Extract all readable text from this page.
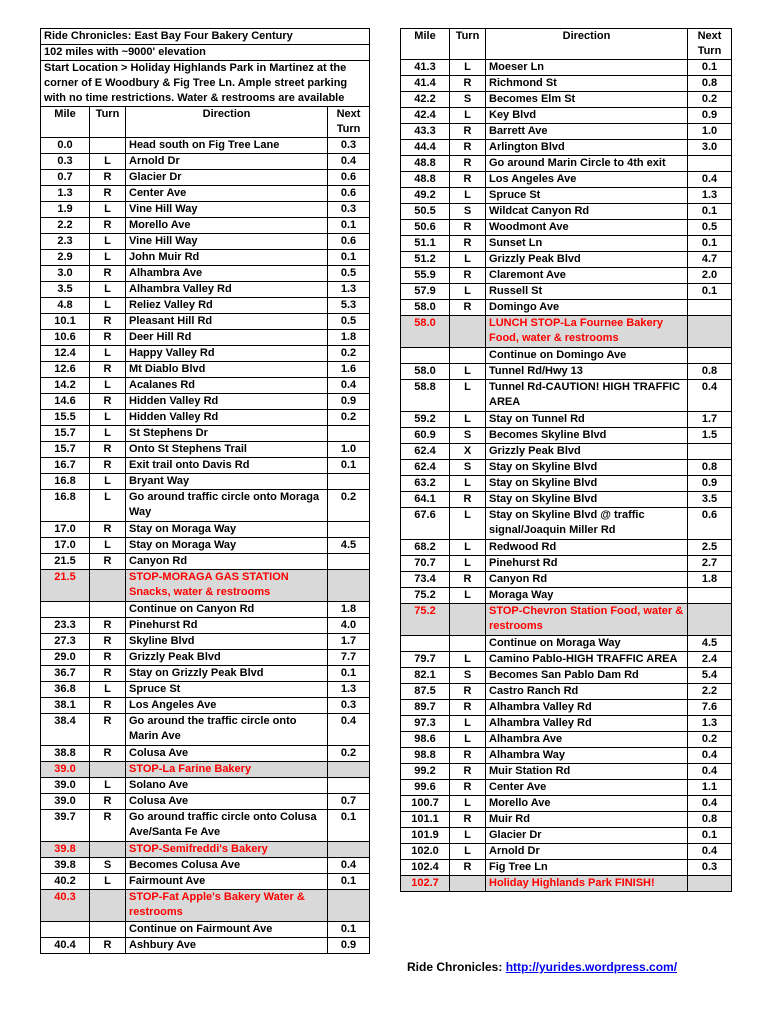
Ride Chronicles: East Bay Four Bakery Century			
102 miles with ~9000' elevation			
Start Location > Holiday Highlands Park in Martinez at the corner of E Woodbury & Fig Tree Ln. Ample street parking with no time restrictions. Water & restrooms are available			
Mile	Turn	Direction	Next Turn
0.0		Head south on Fig Tree Lane	0.3
0.3	L	Arnold Dr	0.4
0.7	R	Glacier Dr	0.6
1.3	R	Center Ave	0.6
1.9	L	Vine Hill Way	0.3
2.2	R	Morello Ave	0.1
2.3	L	Vine Hill Way	0.6
2.9	L	John Muir Rd	0.1
3.0	R	Alhambra Ave	0.5
3.5	L	Alhambra Valley Rd	1.3
4.8	L	Reliez Valley Rd	5.3
10.1	R	Pleasant Hill Rd	0.5
10.6	R	Deer Hill Rd	1.8
12.4	L	Happy Valley Rd	0.2
12.6	R	Mt Diablo Blvd	1.6
14.2	L	Acalanes Rd	0.4
14.6	R	Hidden Valley Rd	0.9
15.5	L	Hidden Valley Rd	0.2
15.7	L	St Stephens Dr	
15.7	R	Onto St Stephens Trail	1.0
16.7	R	Exit trail onto Davis Rd	0.1
16.8	L	Bryant Way	
16.8	L	Go around traffic circle onto Moraga Way	0.2
17.0	R	Stay on Moraga Way	
17.0	L	Stay on Moraga Way	4.5
21.5	R	Canyon Rd	
21.5		STOP-MORAGA GAS STATION Snacks, water & restrooms	
		Continue on Canyon Rd	1.8
23.3	R	Pinehurst Rd	4.0
27.3	R	Skyline Blvd	1.7
29.0	R	Grizzly Peak Blvd	7.7
36.7	R	Stay on Grizzly Peak Blvd	0.1
36.8	L	Spruce St	1.3
38.1	R	Los Angeles Ave	0.3
38.4	R	Go around the traffic circle onto Marin Ave	0.4
38.8	R	Colusa Ave	0.2
39.0		STOP-La Farine Bakery	
39.0	L	Solano Ave	
39.0	R	Colusa Ave	0.7
39.7	R	Go around traffic circle onto Colusa Ave/Santa Fe Ave	0.1
39.8		STOP-Semifreddi's Bakery	
39.8	S	Becomes Colusa Ave	0.4
40.2	L	Fairmount Ave	0.1
40.3		STOP-Fat Apple's Bakery Water & restrooms	
		Continue on Fairmount Ave	0.1
40.4	R	Ashbury Ave	0.9
Mile	Turn	Direction	Next Turn
41.3	L	Moeser Ln	0.1
41.4	R	Richmond St	0.8
42.2	S	Becomes Elm St	0.2
42.4	L	Key Blvd	0.9
43.3	R	Barrett Ave	1.0
44.4	R	Arlington Blvd	3.0
48.8	R	Go around Marin Circle to 4th exit	
48.8	R	Los Angeles Ave	0.4
49.2	L	Spruce St	1.3
50.5	S	Wildcat Canyon Rd	0.1
50.6	R	Woodmont Ave	0.5
51.1	R	Sunset Ln	0.1
51.2	L	Grizzly Peak Blvd	4.7
55.9	R	Claremont Ave	2.0
57.9	L	Russell St	0.1
58.0	R	Domingo Ave	
58.0		LUNCH STOP-La Fournee Bakery Food, water & restrooms	
		Continue on Domingo Ave	
58.0	L	Tunnel Rd/Hwy 13	0.8
58.8	L	Tunnel Rd-CAUTION! HIGH TRAFFIC AREA	0.4
59.2	L	Stay on Tunnel Rd	1.7
60.9	S	Becomes Skyline Blvd	1.5
62.4	X	Grizzly Peak Blvd	
62.4	S	Stay on Skyline Blvd	0.8
63.2	L	Stay on Skyline Blvd	0.9
64.1	R	Stay on Skyline Blvd	3.5
67.6	L	Stay on Skyline Blvd @ traffic signal/Joaquin Miller Rd	0.6
68.2	L	Redwood Rd	2.5
70.7	L	Pinehurst Rd	2.7
73.4	R	Canyon Rd	1.8
75.2	L	Moraga Way	
75.2		STOP-Chevron Station Food, water & restrooms	
		Continue on Moraga Way	4.5
79.7	L	Camino Pablo-HIGH TRAFFIC AREA	2.4
82.1	S	Becomes San Pablo Dam Rd	5.4
87.5	R	Castro Ranch Rd	2.2
89.7	R	Alhambra Valley Rd	7.6
97.3	L	Alhambra Valley Rd	1.3
98.6	L	Alhambra Ave	0.2
98.8	R	Alhambra Way	0.4
99.2	R	Muir Station Rd	0.4
99.6	R	Center Ave	1.1
100.7	L	Morello Ave	0.4
101.1	R	Muir Rd	0.8
101.9	L	Glacier Dr	0.1
102.0	L	Arnold Dr	0.4
102.4	R	Fig Tree Ln	0.3
102.7		Holiday Highlands Park FINISH!	
Ride Chronicles: http://yurides.wordpress.com/
